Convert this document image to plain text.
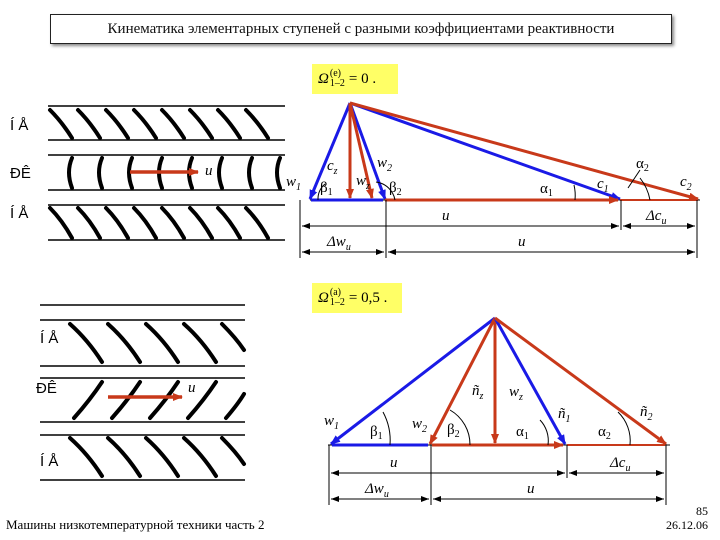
Кинематика элементарных ступеней с разными коэффициентами реактивности
Ω (e)
1–2 = 0 .
Ω (a)
1–2 = 0,5 .
Í Å
ÐÊ
Í Å
u
Í Å
ÐÊ
Í Å
u
$w_1$
$c_z$
$w_2$
$w_z$
$\beta_1$	$\beta_2$	$\alpha_1$
$\alpha_2$
$c_1$	$c_2$
u	$\Delta c_u$
$\Delta w_u$	u
$w_1$ $\beta_1$
$w_2$ $\beta_2$
$ñ_z$ $w_z$
$\alpha_1$
$ñ_1$
$\alpha_2$
$ñ_2$
u	$\Delta c_u$
$\Delta w_u$	u
Машины низкотемпературной техники часть 2
85
26.12.06
